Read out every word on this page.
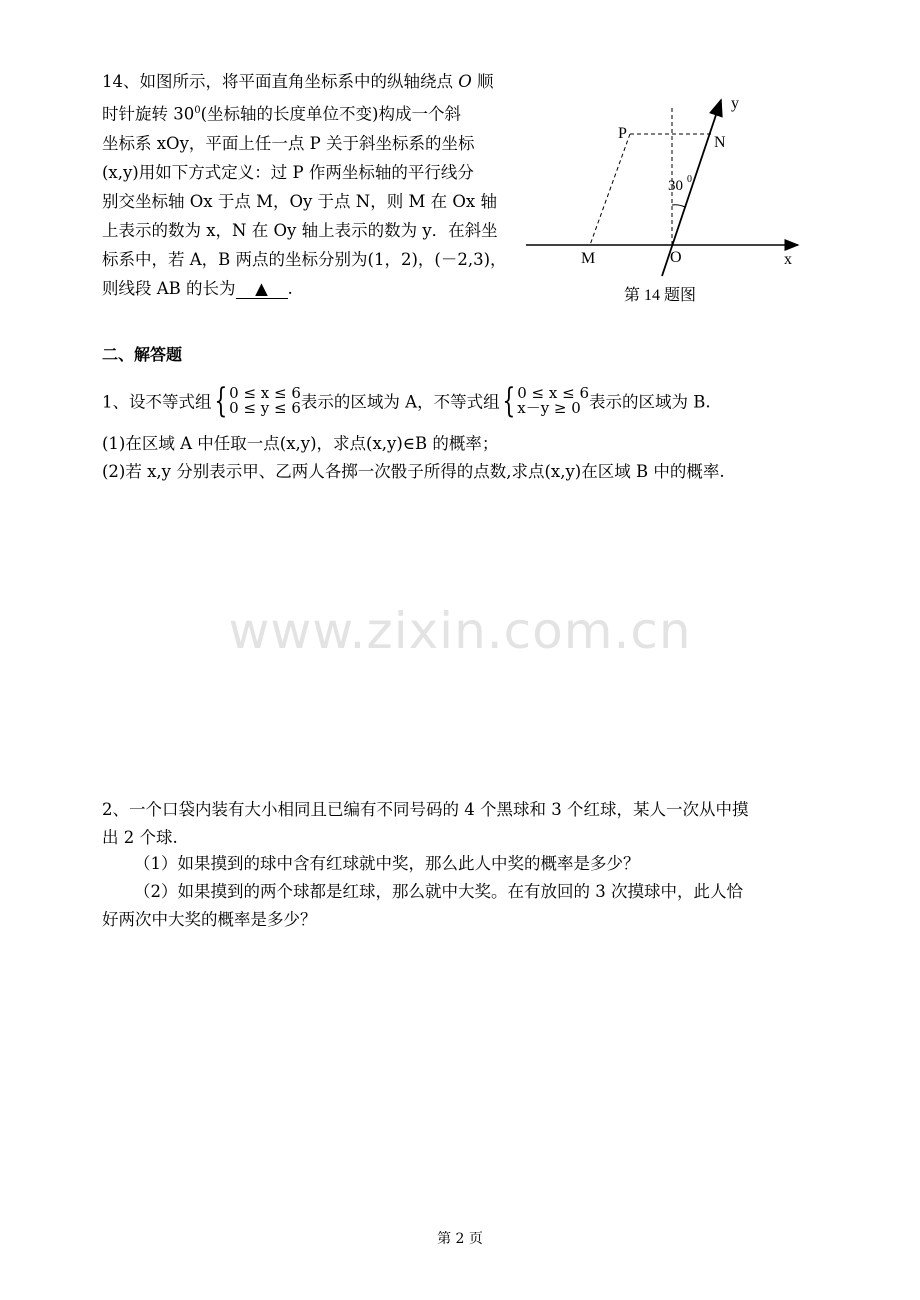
14、如图所示，将平面直角坐标系中的纵轴绕点 O 顺
时针旋转 $30^0$(坐标轴的长度单位不变)构成一个斜
坐标系 xOy，平面上任一点 P 关于斜坐标系的坐标
(x,y)用如下方式定义：过 P 作两坐标轴的平行线分
别交坐标轴 Ox 于点 M，Oy 于点 N，则 M 在 Ox 轴
上表示的数为 x，N 在 Oy 轴上表示的数为 y．在斜坐
标系中，若 A，B 两点的坐标分别为(1，2)，(－2,3)，
则线段 AB 的长为 ▲ .
y
P
N
30 0
M	O	x
第 14 题图
二、解答题
1、设不等式组 { 0 ≤ x ≤ 6
0 ≤ y ≤ 6 表示的区域为 A，不等式组 { 0 ≤ x ≤ 6
x－y ≥ 0 表示的区域为 B.
(1)在区域 A 中任取一点(x,y)，求点(x,y)∈B 的概率；
(2)若 x,y 分别表示甲、乙两人各掷一次骰子所得的点数,求点(x,y)在区域 B 中的概率.
www.zixin.com.cn
2、一个口袋内装有大小相同且已编有不同号码的 4 个黑球和 3 个红球，某人一次从中摸
出 2 个球.
（1）如果摸到的球中含有红球就中奖，那么此人中奖的概率是多少？
（2）如果摸到的两个球都是红球，那么就中大奖。在有放回的 3 次摸球中，此人恰
好两次中大奖的概率是多少？
第 2 页
